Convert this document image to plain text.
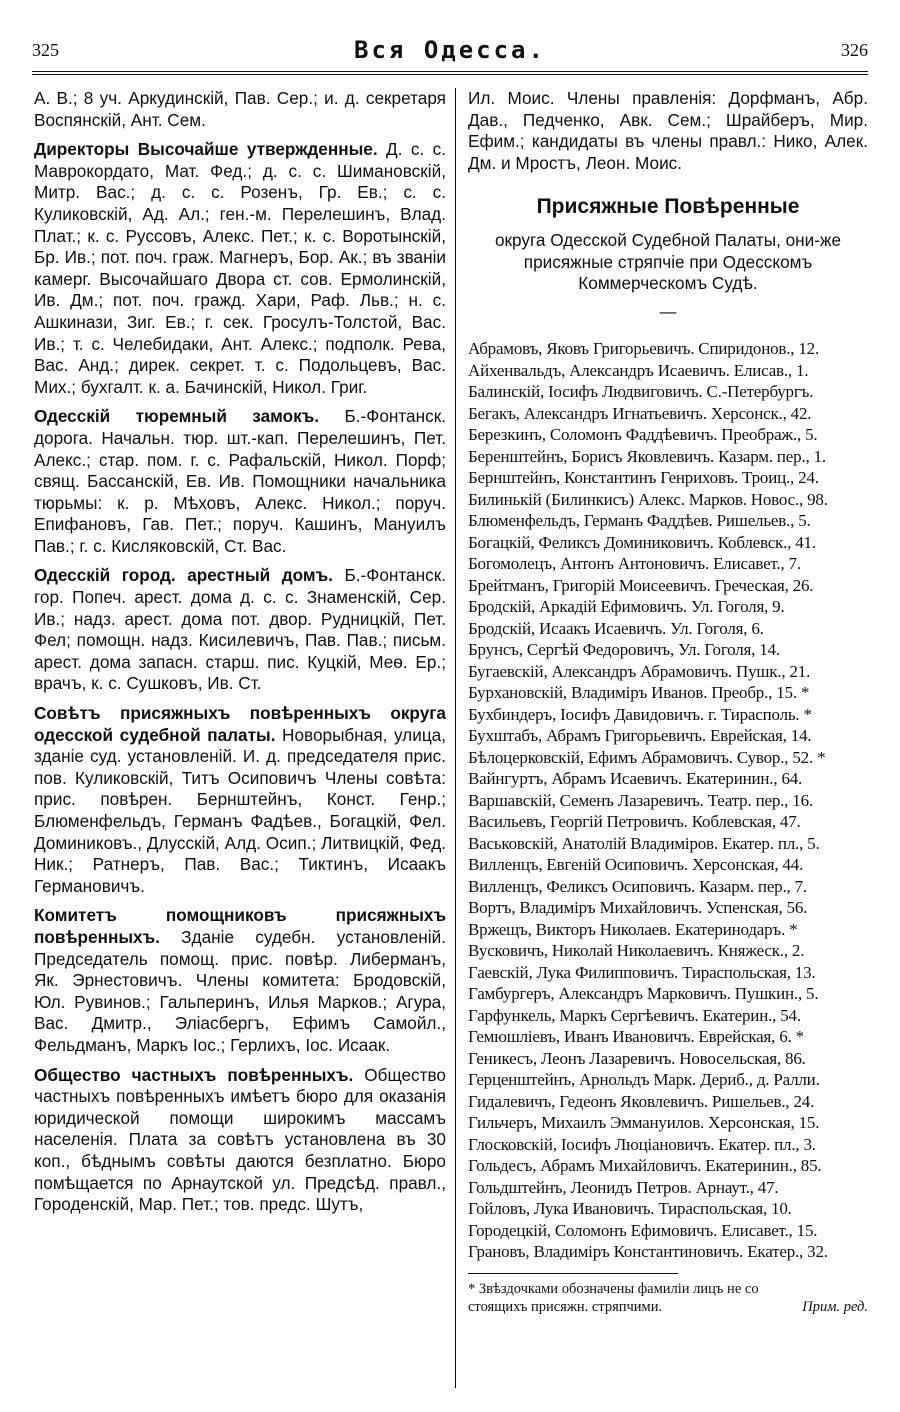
325	Вся Одесса.	326

А. В.; 8 уч. Аркудинскій, Пав. Сер.; и. д. секретаря Воспянскій, Ант. Сем.

Директоры Высочайше утвержденные. Д. с. с. Маврокордато, Мат. Фед.; д. с. с. Шимановскій, Митр. Вас.; д. с. с. Розенъ, Гр. Ев.; с. с. Куликовскій, Ад. Ал.; ген.-м. Перелешинъ, Влад. Плат.; к. с. Руссовъ, Алекс. Пет.; к. с. Воротынскій, Бр. Ив.; пот. поч. граж. Магнеръ, Бор. Ак.; въ званіи камерг. Высочайшаго Двора ст. сов. Ермолинскій, Ив. Дм.; пот. поч. гражд. Хари, Раф. Льв.; н. с. Ашкинази, Зиг. Ев.; г. сек. Гросулъ-Толстой, Вас. Ив.; т. с. Челебидаки, Ант. Алекс.; подполк. Рева, Вас. Анд.; дирек. секрет. т. с. Подольцевъ, Вас. Мих.; бухгалт. к. а. Бачинскій, Никол. Григ.

Одесскій тюремный замокъ. Б.-Фонтанск. дорога. Начальн. тюр. шт.-кап. Перелешинъ, Пет. Алекс.; стар. пом. г. с. Рафальскій, Никол. Порф; свящ. Бассанскій, Ев. Ив. Помощники начальника тюрьмы: к. р. Мѣховъ, Алекс. Никол.; поруч. Епифановъ, Гав. Пет.; поруч. Кашинъ, Мануилъ Пав.; г. с. Кисляковскій, Ст. Вас.

Одесскій город. арестный домъ. Б.-Фонтанск. гор. Попеч. арест. дома д. с. с. Знаменскій, Сер. Ив.; надз. арест. дома пот. двор. Рудницкій, Пет. Фел; помощн. надз. Кисилевичъ, Пав. Пав.; письм. арест. дома запасн. старш. пис. Куцкій, Меѳ. Ер.; врачъ, к. с. Сушковъ, Ив. Ст.

Совѣтъ присяжныхъ повѣренныхъ округа одесской судебной палаты. Новорыбная, улица, зданіе суд. установленій. И. д. председателя прис. пов. Куликовскій, Титъ Осиповичъ Члены совѣта: прис. повѣрен. Бернштейнъ, Конст. Генр.; Блюменфельдъ, Германъ Фадѣев., Богацкій, Фел. Доминиковъ., Длусскій, Алд. Осип.; Литвицкій, Фед. Ник.; Ратнеръ, Пав. Вас.; Тиктинъ, Исаакъ Германовичъ.

Комитетъ помощниковъ присяжныхъ повѣренныхъ. Зданіе судебн. установленій. Председатель помощ. прис. повѣр. Либерманъ, Як. Эрнестовичъ. Члены комитета: Бродовскій, Юл. Рувинов.; Гальперинъ, Илья Марков.; Агура, Вас. Дмитр., Эліасбергъ, Ефимъ Самойл., Фельдманъ, Маркъ Іос.; Герлихъ, Іос. Исаак.

Общество частныхъ повѣренныхъ. Общество частныхъ повѣренныхъ имѣетъ бюро для оказанія юридической помощи широкимъ массамъ населенія. Плата за совѣтъ установлена въ 30 коп., бѣднымъ совѣты даются безплатно. Бюро помѣщается по Арнаутской ул. Предсѣд. правл., Городенскій, Мар. Пет.; тов. предс. Шутъ,

Ил. Моис. Члены правленія: Дорфманъ, Абр. Дав., Педченко, Авк. Сем.; Шрайберъ, Мир. Ефим.; кандидаты въ члены правл.: Нико, Алек. Дм. и Мростъ, Леон. Моис.

Присяжные Повѣренные

округа Одесской Судебной Палаты, они-же присяжные стряпчіе при Одесскомъ Коммерческомъ Судѣ.

—
Абрамовъ, Яковъ Григорьевичъ. Спиридонов., 12.
Айхенвальдъ, Александръ Исаевичъ. Елисав., 1.
Балинскій, Іосифъ Людвиговичъ. С.-Петербургъ.
Бегакъ, Александръ Игнатьевичъ. Херсонск., 42.
Березкинъ, Соломонъ Фаддѣевичъ. Преображ., 5.
Беренштейнъ, Борисъ Яковлевичъ. Казарм. пер., 1.
Бернштейнъ, Константинъ Генриховъ. Троиц., 24.
Билинькій (Билинкисъ) Алекс. Марков. Новос., 98.
Блюменфельдъ, Германъ Фаддѣев. Ришельев., 5.
Богацкій, Феликсъ Доминиковичъ. Коблевск., 41.
Богомолецъ, Антонъ Антоновичъ. Елисавет., 7.
Брейтманъ, Григорій Моисеевичъ. Греческая, 26.
Бродскій, Аркадій Ефимовичъ. Ул. Гоголя, 9.
Бродскій, Исаакъ Исаевичъ. Ул. Гоголя, 6.
Брунсъ, Сергѣй Федоровичъ, Ул. Гоголя, 14.
Бугаевскій, Александръ Абрамовичъ. Пушк., 21.
Бурхановскій, Владиміръ Иванов. Преобр., 15. *
Бухбиндеръ, Іосифъ Давидовичъ. г. Тирасполь. *
Бухштабъ, Абрамъ Григорьевичъ. Еврейская, 14.
Бѣлоцерковскій, Ефимъ Абрамовичъ. Сувор., 52. *
Вайнгуртъ, Абрамъ Исаевичъ. Екатеринин., 64.
Варшавскій, Семенъ Лазаревичъ. Театр. пер., 16.
Васильевъ, Георгій Петровичъ. Коблевская, 47.
Васьковскій, Анатолій Владиміров. Екатер. пл., 5.
Вилленцъ, Евгеній Осиповичъ. Херсонская, 44.
Вилленцъ, Феликсъ Осиповичъ. Казарм. пер., 7.
Вортъ, Владиміръ Михайловичъ. Успенская, 56.
Вржещъ, Викторъ Николаев. Екатеринодаръ. *
Вусковичъ, Николай Николаевичъ. Княжеск., 2.
Гаевскій, Лука Филипповичъ. Тираспольская, 13.
Гамбургеръ, Александръ Марковичъ. Пушкин., 5.
Гарфункель, Маркъ Сергѣевичъ. Екатерин., 54.
Гемюшліевъ, Иванъ Ивановичъ. Еврейская, 6. *
Геникесъ, Леонъ Лазаревичъ. Новосельская, 86.
Герценштейнъ, Арнольдъ Марк. Дериб., д. Ралли.
Гидалевичъ, Гедеонъ Яковлевичъ. Ришельев., 24.
Гильчеръ, Михаилъ Эммануилов. Херсонская, 15.
Глосковскій, Іосифъ Люціановичъ. Екатер. пл., 3.
Гольдесъ, Абрамъ Михайловичъ. Екатеринин., 85.
Гольдштейнъ, Леонидъ Петров. Арнаут., 47.
Гойловъ, Лука Ивановичъ. Тираспольская, 10.
Городецкій, Соломонъ Ефимовичъ. Елисавет., 15.
Грановъ, Владиміръ Константиновичъ. Екатер., 32.
* Звѣздочками обозначены фамиліи лицъ не со
стоящихъ присяжн. стряпчими.	Прим. ред.
